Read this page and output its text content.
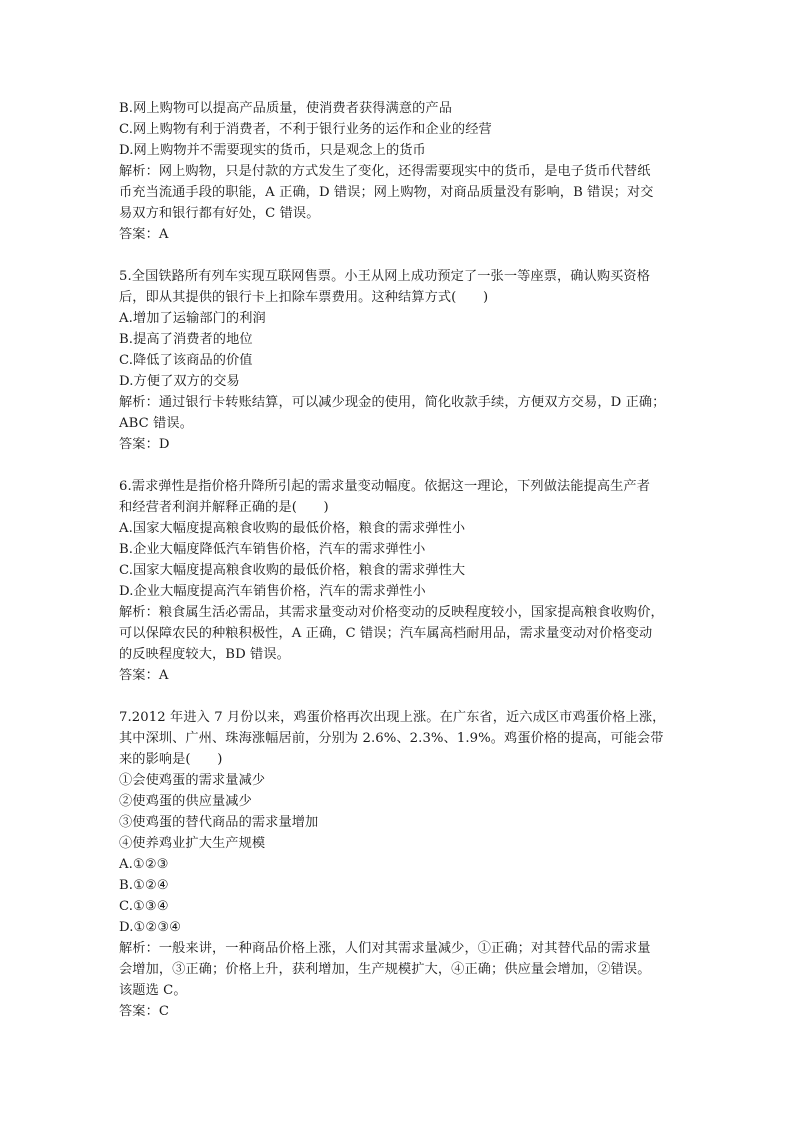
B.网上购物可以提高产品质量，使消费者获得满意的产品
C.网上购物有利于消费者，不利于银行业务的运作和企业的经营
D.网上购物并不需要现实的货币，只是观念上的货币
解析：网上购物，只是付款的方式发生了变化，还得需要现实中的货币，是电子货币代替纸
币充当流通手段的职能，A 正确，D 错误；网上购物，对商品质量没有影响，B 错误；对交
易双方和银行都有好处，C 错误。
答案：A
5.全国铁路所有列车实现互联网售票。小王从网上成功预定了一张一等座票，确认购买资格
后，即从其提供的银行卡上扣除车票费用。这种结算方式(　　)
A.增加了运输部门的利润
B.提高了消费者的地位
C.降低了该商品的价值
D.方便了双方的交易
解析：通过银行卡转账结算，可以减少现金的使用，简化收款手续，方便双方交易，D 正确；
ABC 错误。
答案：D
6.需求弹性是指价格升降所引起的需求量变动幅度。依据这一理论，下列做法能提高生产者
和经营者利润并解释正确的是(　　)
A.国家大幅度提高粮食收购的最低价格，粮食的需求弹性小
B.企业大幅度降低汽车销售价格，汽车的需求弹性小
C.国家大幅度提高粮食收购的最低价格，粮食的需求弹性大
D.企业大幅度提高汽车销售价格，汽车的需求弹性小
解析：粮食属生活必需品，其需求量变动对价格变动的反映程度较小，国家提高粮食收购价，
可以保障农民的种粮积极性，A 正确，C 错误；汽车属高档耐用品，需求量变动对价格变动
的反映程度较大，BD 错误。
答案：A
7.2012 年进入 7 月份以来，鸡蛋价格再次出现上涨。在广东省，近六成区市鸡蛋价格上涨，
其中深圳、广州、珠海涨幅居前，分别为 2.6%、2.3%、1.9%。鸡蛋价格的提高，可能会带
来的影响是(　　)
①会使鸡蛋的需求量减少
②使鸡蛋的供应量减少
③使鸡蛋的替代商品的需求量增加
④使养鸡业扩大生产规模
A.①②③
B.①②④
C.①③④
D.①②③④
解析：一般来讲，一种商品价格上涨，人们对其需求量减少，①正确；对其替代品的需求量
会增加，③正确；价格上升，获利增加，生产规模扩大，④正确；供应量会增加，②错误。
该题选 C。
答案：C
